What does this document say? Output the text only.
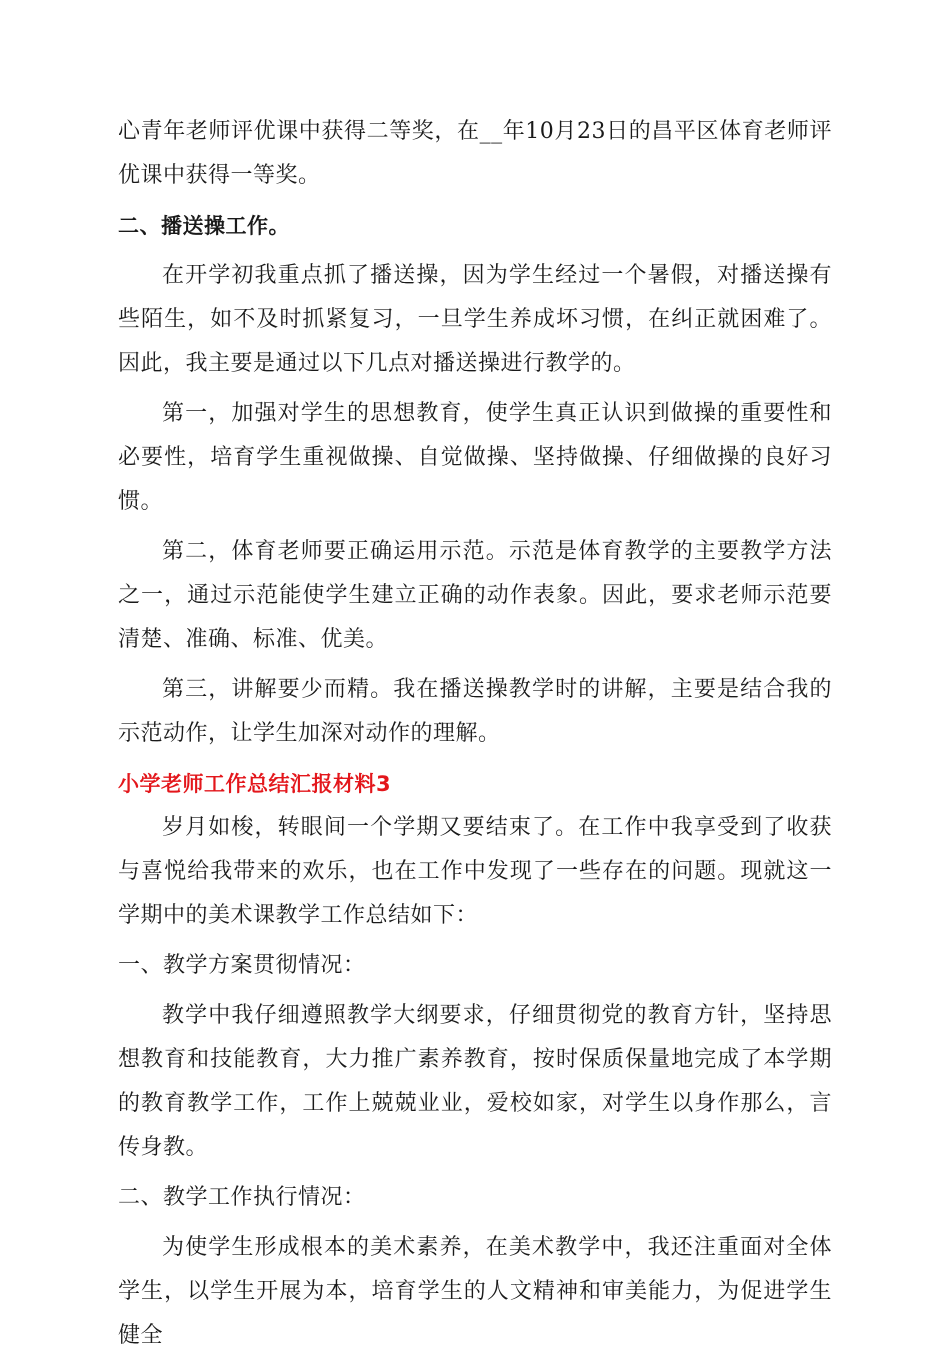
心青年老师评优课中获得二等奖，在__年10月23日的昌平区体育老师评优课中获得一等奖。

二、播送操工作。

在开学初我重点抓了播送操，因为学生经过一个暑假，对播送操有些陌生，如不及时抓紧复习，一旦学生养成坏习惯，在纠正就困难了。因此，我主要是通过以下几点对播送操进行教学的。

第一，加强对学生的思想教育，使学生真正认识到做操的重要性和必要性，培育学生重视做操、自觉做操、坚持做操、仔细做操的良好习惯。

第二，体育老师要正确运用示范。示范是体育教学的主要教学方法之一，通过示范能使学生建立正确的动作表象。因此，要求老师示范要清楚、准确、标准、优美。

第三，讲解要少而精。我在播送操教学时的讲解，主要是结合我的示范动作，让学生加深对动作的理解。

小学老师工作总结汇报材料3

岁月如梭，转眼间一个学期又要结束了。在工作中我享受到了收获与喜悦给我带来的欢乐，也在工作中发现了一些存在的问题。现就这一学期中的美术课教学工作总结如下：

一、教学方案贯彻情况：

教学中我仔细遵照教学大纲要求，仔细贯彻党的教育方针，坚持思想教育和技能教育，大力推广素养教育，按时保质保量地完成了本学期的教育教学工作，工作上兢兢业业，爱校如家，对学生以身作那么，言传身教。

二、教学工作执行情况：

为使学生形成根本的美术素养，在美术教学中，我还注重面对全体学生，以学生开展为本，培育学生的人文精神和审美能力，为促进学生健全
